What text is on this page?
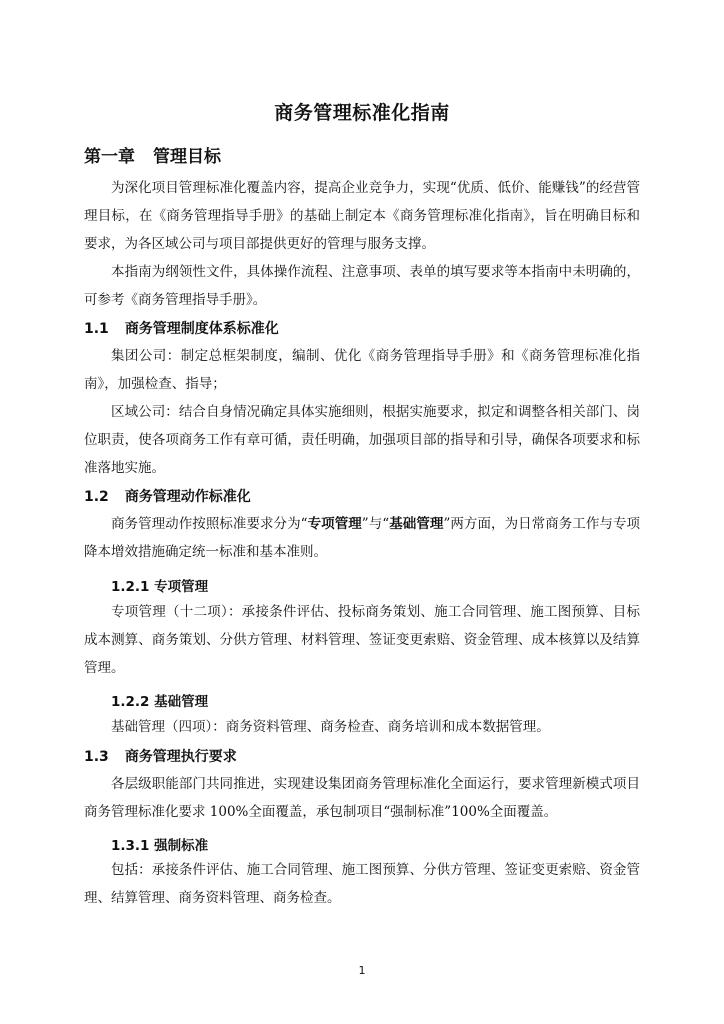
商务管理标准化指南
第一章 管理目标

为深化项目管理标准化覆盖内容，提高企业竞争力，实现“优质、低价、能赚钱”的经营管理目标，在《商务管理指导手册》的基础上制定本《商务管理标准化指南》，旨在明确目标和要求，为各区域公司与项目部提供更好的管理与服务支撑。

本指南为纲领性文件，具体操作流程、注意事项、表单的填写要求等本指南中未明确的，可参考《商务管理指导手册》。

1.1 商务管理制度体系标准化

集团公司：制定总框架制度，编制、优化《商务管理指导手册》和《商务管理标准化指南》，加强检查、指导；

区域公司：结合自身情况确定具体实施细则，根据实施要求，拟定和调整各相关部门、岗位职责，使各项商务工作有章可循，责任明确，加强项目部的指导和引导，确保各项要求和标准落地实施。

1.2 商务管理动作标准化

商务管理动作按照标准要求分为“专项管理”与“基础管理”两方面，为日常商务工作与专项降本增效措施确定统一标准和基本准则。

1.2.1 专项管理

专项管理（十二项）：承接条件评估、投标商务策划、施工合同管理、施工图预算、目标成本测算、商务策划、分供方管理、材料管理、签证变更索赔、资金管理、成本核算以及结算管理。

1.2.2 基础管理

基础管理（四项）：商务资料管理、商务检查、商务培训和成本数据管理。

1.3 商务管理执行要求

各层级职能部门共同推进，实现建设集团商务管理标准化全面运行，要求管理新模式项目商务管理标准化要求 100%全面覆盖，承包制项目“强制标准”100%全面覆盖。

1.3.1 强制标准

包括：承接条件评估、施工合同管理、施工图预算、分供方管理、签证变更索赔、资金管理、结算管理、商务资料管理、商务检查。

1
